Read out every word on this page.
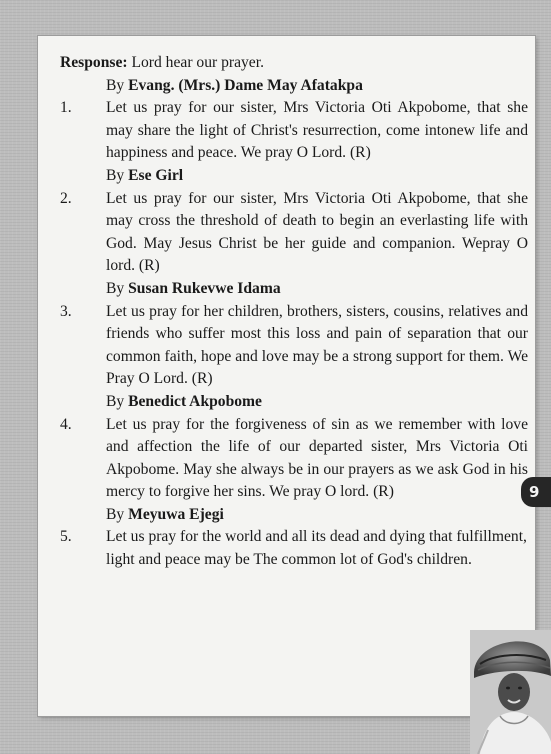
Response: Lord hear our prayer.

By Evang. (Mrs.) Dame May Afatakpa

1.	Let us pray for our sister, Mrs Victoria Oti Akpobome, that she may share the light of Christ's resurrection, come intonew life and happiness and peace. We pray O Lord. (R)

By Ese Girl

2.	Let us pray for our sister, Mrs Victoria Oti Akpobome, that she may cross the threshold of death to begin an everlasting life with God. May Jesus Christ be her guide and companion. Wepray O lord. (R)

By Susan Rukevwe Idama

3.	Let us pray for her children, brothers, sisters, cousins, relatives and friends who suffer most this loss and pain of separation that our common faith, hope and love may be a strong support for them. We Pray O Lord. (R)

By Benedict Akpobome

4.	Let us pray for the forgiveness of sin as we remember with love and affection the life of our departed sister, Mrs Victoria Oti Akpobome. May she always be in our prayers as we ask God in his mercy to forgive her sins. We pray O lord. (R)

By Meyuwa Ejegi

5.	Let us pray for the world and all its dead and dying that fulfillment, light and peace may be The common lot of God's children.
9
